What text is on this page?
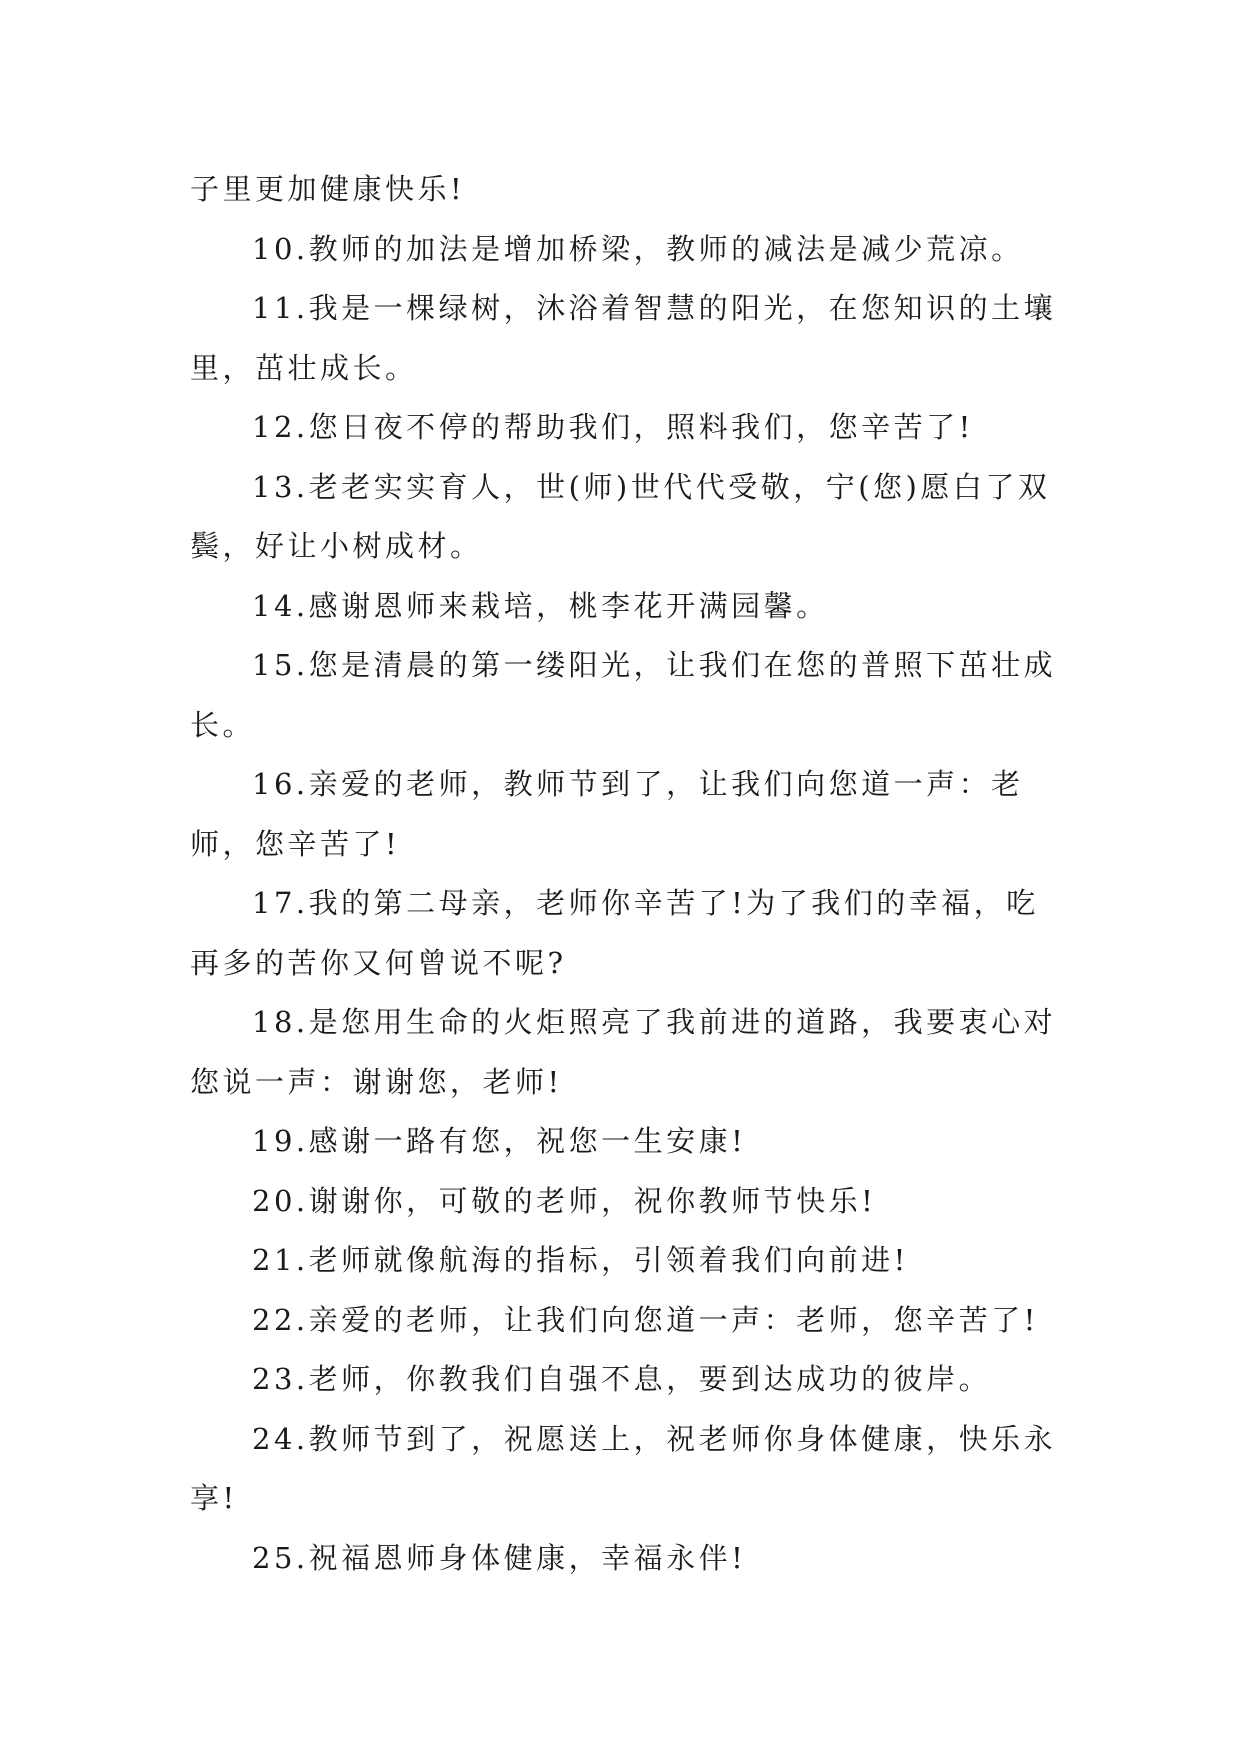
子里更加健康快乐!

10.教师的加法是增加桥梁，教师的减法是减少荒凉。

11.我是一棵绿树，沐浴着智慧的阳光，在您知识的土壤里，茁壮成长。

12.您日夜不停的帮助我们，照料我们，您辛苦了!

13.老老实实育人，世(师)世代代受敬，宁(您)愿白了双鬓，好让小树成材。

14.感谢恩师来栽培，桃李花开满园馨。

15.您是清晨的第一缕阳光，让我们在您的普照下茁壮成长。

16.亲爱的老师，教师节到了，让我们向您道一声：老师，您辛苦了!

17.我的第二母亲，老师你辛苦了!为了我们的幸福，吃再多的苦你又何曾说不呢?

18.是您用生命的火炬照亮了我前进的道路，我要衷心对您说一声：谢谢您，老师!

19.感谢一路有您，祝您一生安康!

20.谢谢你，可敬的老师，祝你教师节快乐!

21.老师就像航海的指标，引领着我们向前进!

22.亲爱的老师，让我们向您道一声：老师，您辛苦了!

23.老师，你教我们自强不息，要到达成功的彼岸。

24.教师节到了，祝愿送上，祝老师你身体健康，快乐永享!

25.祝福恩师身体健康，幸福永伴!
